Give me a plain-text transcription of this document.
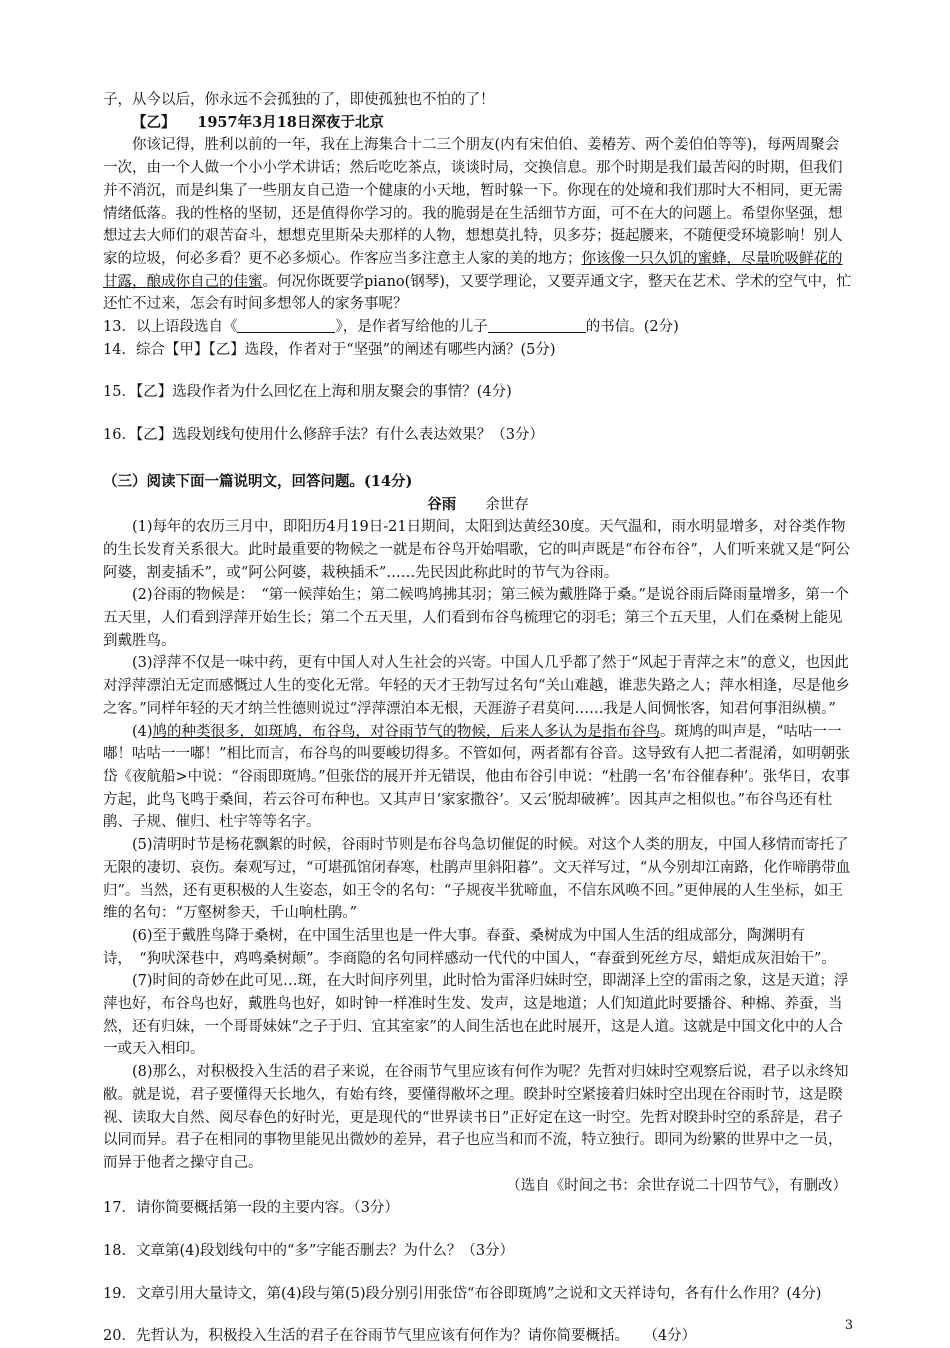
子，从今以后，你永远不会孤独的了，即使孤独也不怕的了！

【乙】　　1957年3月18日深夜于北京

你该记得，胜利以前的一年，我在上海集合十二三个朋友(内有宋伯伯、姜椿芳、两个姜伯伯等等)，每两周聚会一次，由一个人做一个小小学术讲话；然后吃吃茶点，谈谈时局，交换信息。那个时期是我们最苦闷的时期，但我们并不消沉，而是纠集了一些朋友自己造一个健康的小天地，暂时躲一下。你现在的处境和我们那时大不相同，更无需情绪低落。我的性格的坚韧，还是值得你学习的。我的脆弱是在生活细节方面，可不在大的问题上。希望你坚强，想想过去大师们的艰苦奋斗，想想克里斯朵夫那样的人物，想想莫扎特，贝多芬；挺起腰来，不随便受环境影响！别人家的垃圾，何必多看？更不必多烦心。作客应当多注意主人家的美的地方；你该像一只久饥的蜜蜂，尽量吮吸鲜花的甘露，酿成你自己的佳蜜。何况你既要学piano(钢琴)，又要学理论，又要弄通文字，整天在艺术、学术的空气中，忙还忙不过来，怎会有时间多想邻人的家务事呢？

13．以上语段选自《	》，是作者写给他的儿子	的书信。(2分)

14．综合【甲】【乙】选段，作者对于“坚强”的阐述有哪些内涵？(5分)

15．【乙】选段作者为什么回忆在上海和朋友聚会的事情？(4分)

16．【乙】选段划线句使用什么修辞手法？有什么表达效果？（3分）

（三）阅读下面一篇说明文，回答问题。(14分)

谷雨　　 余世存

(1)每年的农历三月中，即阳历4月19日-21日期间，太阳到达黄经30度。天气温和，雨水明显增多，对谷类作物的生长发育关系很大。此时最重要的物候之一就是布谷鸟开始唱歌，它的叫声既是“布谷布谷”，人们听来就又是“阿公阿婆，割麦插禾”，或“阿公阿婆，栽秧插禾”……先民因此称此时的节气为谷雨。

(2)谷雨的物候是：　“第一候萍始生；第二候鸣鸠拂其羽；第三候为戴胜降于桑。”是说谷雨后降雨量增多，第一个五天里，人们看到浮萍开始生长；第二个五天里，人们看到布谷鸟梳理它的羽毛；第三个五天里，人们在桑树上能见到戴胜鸟。

(3)浮萍不仅是一味中药，更有中国人对人生社会的兴寄。中国人几乎都了然于“风起于青萍之末”的意义，也因此对浮萍漂泊无定而感慨过人生的变化无常。年轻的天才王勃写过名句“关山难越，谁悲失路之人；萍水相逢，尽是他乡之客。”同样年轻的天才纳兰性德则说过“浮萍漂泊本无根，天涯游子君莫问……我是人间惆怅客，知君何事泪纵横。”

(4)鸠的种类很多，如斑鸠，布谷鸟，对谷雨节气的物候，后来人多认为是指布谷鸟。斑鸠的叫声是，“咕咕一一嘟！咕咕一一嘟！”相比而言，布谷鸟的叫要峻切得多。不管如何，两者都有谷音。这导致有人把二者混淆，如明朝张岱《夜航船>中说：“谷雨即斑鸠。”但张岱的展开并无错误，他由布谷引申说：“杜鹃一名‘布谷催春种’。张华日，农事方起，此鸟飞鸣于桑间，若云谷可布种也。又其声日‘家家撒谷’。又云‘脱却破裤’。因其声之相似也。”布谷鸟还有杜鹃、子规、催归、杜宇等等名字。

(5)清明时节是杨花飘絮的时候，谷雨时节则是布谷鸟急切催促的时候。对这个人类的朋友，中国人移情而寄托了无限的凄切、哀伤。秦观写过，“可堪孤馆闭春寒，杜鹃声里斜阳暮”。文天祥写过，“从今别却江南路，化作啼鹃带血归”。当然，还有更积极的人生姿态，如王令的名句：“子规夜半犹啼血，不信东风唤不回。”更伸展的人生坐标，如王维的名句：“万壑树参天，千山响杜鹃。”

(6)至于戴胜鸟降于桑树，在中国生活里也是一件大事。春蚕、桑树成为中国人生活的组成部分，陶渊明有诗，　“狗吠深巷中，鸡鸣桑树颠”。李商隐的名句同样感动一代代的中国人，“春蚕到死丝方尽，蜡炬成灰泪始干”。

(7)时间的奇妙在此可见…斑，在大时间序列里，此时恰为雷泽归妹时空，即湖泽上空的雷雨之象，这是天道；浮萍也好，布谷鸟也好，戴胜鸟也好，如时钟一样准时生发、发声，这是地道；人们知道此时要播谷、种棉、养蚕，当然，还有归妹，一个哥哥妹妹“之子于归、宜其室家”的人间生活也在此时展开，这是人道。这就是中国文化中的人合一或天入相印。

(8)那么，对积极投入生活的君子来说，在谷雨节气里应该有何作为呢？先哲对归妹时空观察后说，君子以永终知敝。就是说，君子要懂得天长地久，有始有终，要懂得敝坏之理。睽卦时空紧接着归妹时空出现在谷雨时节，这是睽视、读取大自然、阅尽春色的好时光，更是现代的“世界读书日”正好定在这一时空。先哲对睽卦时空的系辞是，君子以同而异。君子在相同的事物里能见出微妙的差异，君子也应当和而不流，特立独行。即同为纷繁的世界中之一员，而异于他者之操守自己。

（选自《时间之书：余世存说二十四节气》，有删改）

17．请你简要概括第一段的主要内容。（3分）

18．文章第(4)段划线句中的“多”字能否删去？为什么？（3分）

19．文章引用大量诗文，第(4)段与第(5)段分别引用张岱“布谷即斑鸠”之说和文天祥诗句，各有什么作用？(4分)

20．先哲认为，积极投入生活的君子在谷雨节气里应该有何作为？请你简要概括。　　（4分）

3
